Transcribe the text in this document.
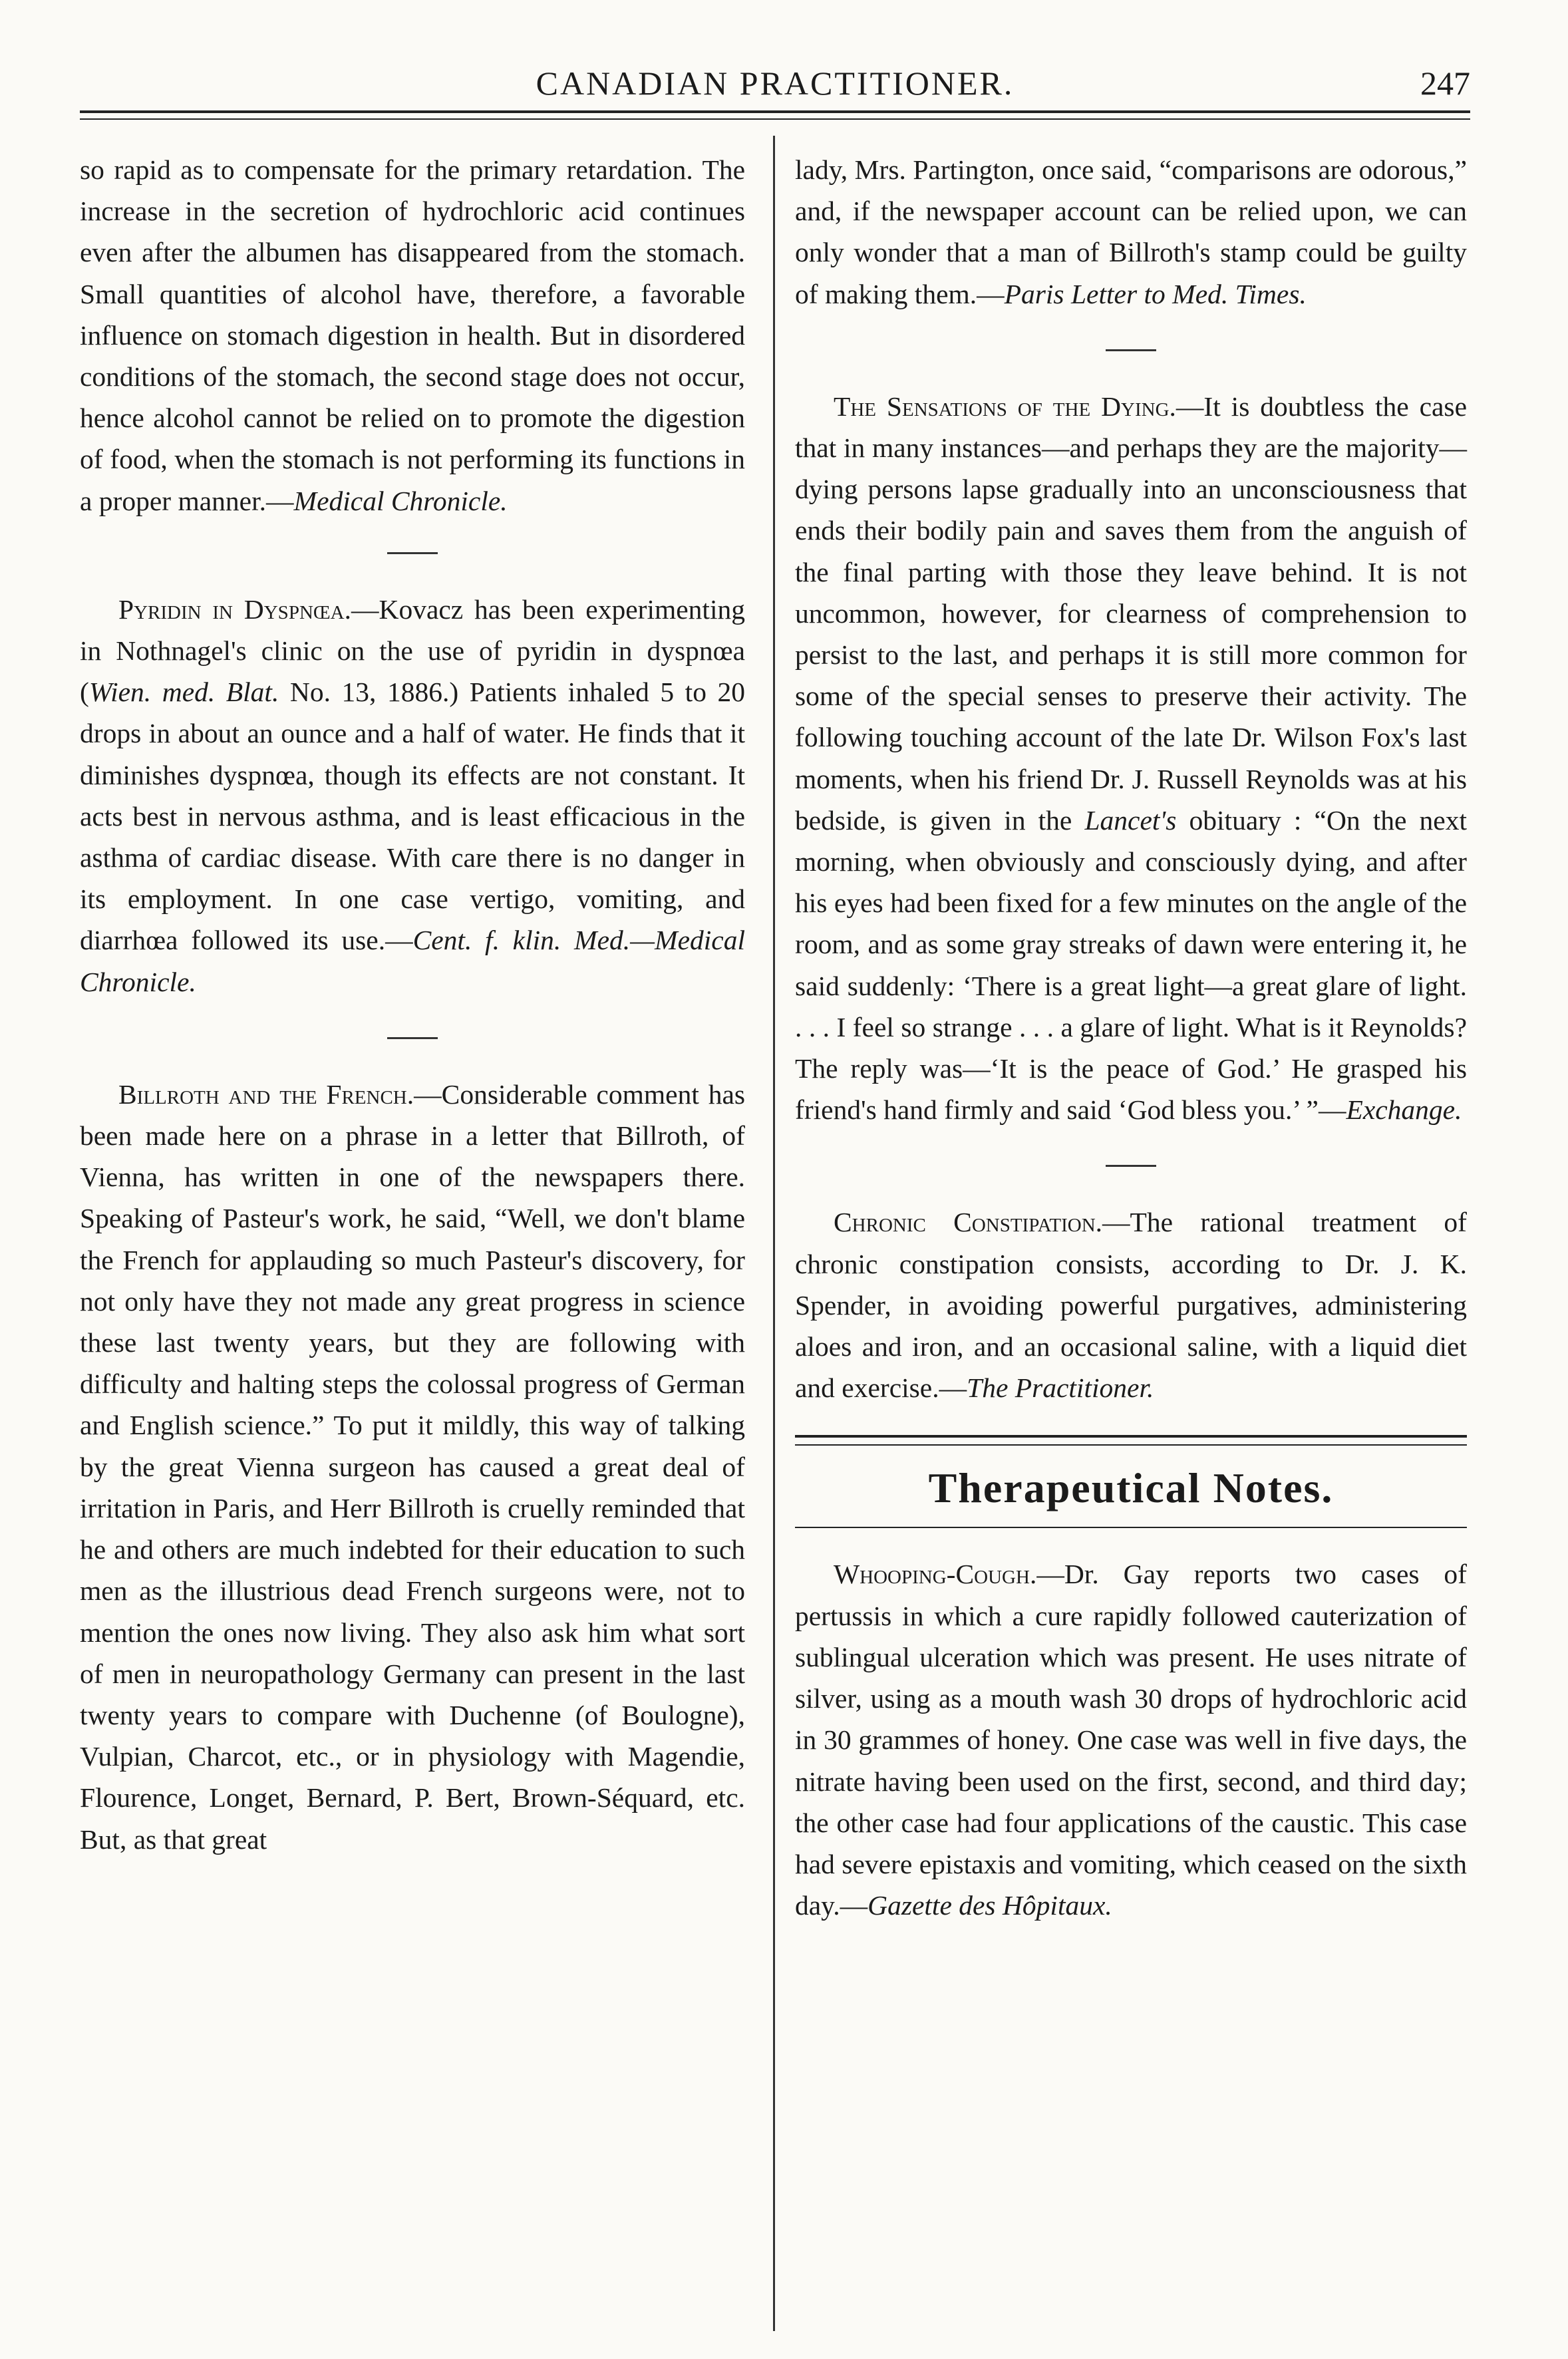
CANADIAN PRACTITIONER.	247

so rapid as to compensate for the primary retardation. The increase in the secretion of hydrochloric acid continues even after the albumen has disappeared from the stomach. Small quantities of alcohol have, therefore, a favorable influence on stomach digestion in health. But in disordered conditions of the stomach, the second stage does not occur, hence alcohol cannot be relied on to promote the digestion of food, when the stomach is not performing its functions in a proper manner.—Medical Chronicle.

Pyridin in Dyspnœa.—Kovacz has been experimenting in Nothnagel's clinic on the use of pyridin in dyspnœa (Wien. med. Blat. No. 13, 1886.) Patients inhaled 5 to 20 drops in about an ounce and a half of water. He finds that it diminishes dyspnœa, though its effects are not constant. It acts best in nervous asthma, and is least efficacious in the asthma of cardiac disease. With care there is no danger in its employment. In one case vertigo, vomiting, and diarrhœa followed its use.—Cent. f. klin. Med.—Medical Chronicle.

Billroth and the French.—Considerable comment has been made here on a phrase in a letter that Billroth, of Vienna, has written in one of the newspapers there. Speaking of Pasteur's work, he said, “Well, we don't blame the French for applauding so much Pasteur's discovery, for not only have they not made any great progress in science these last twenty years, but they are following with difficulty and halting steps the colossal progress of German and English science.” To put it mildly, this way of talking by the great Vienna surgeon has caused a great deal of irritation in Paris, and Herr Billroth is cruelly reminded that he and others are much indebted for their education to such men as the illustrious dead French surgeons were, not to mention the ones now living. They also ask him what sort of men in neuropathology Germany can present in the last twenty years to compare with Duchenne (of Boulogne), Vulpian, Charcot, etc., or in physiology with Magendie, Flourence, Longet, Bernard, P. Bert, Brown-Séquard, etc. But, as that great

lady, Mrs. Partington, once said, “comparisons are odorous,” and, if the newspaper account can be relied upon, we can only wonder that a man of Billroth's stamp could be guilty of making them.—Paris Letter to Med. Times.

The Sensations of the Dying.—It is doubtless the case that in many instances—and perhaps they are the majority—dying persons lapse gradually into an unconsciousness that ends their bodily pain and saves them from the anguish of the final parting with those they leave behind. It is not uncommon, however, for clearness of comprehension to persist to the last, and perhaps it is still more common for some of the special senses to preserve their activity. The following touching account of the late Dr. Wilson Fox's last moments, when his friend Dr. J. Russell Reynolds was at his bedside, is given in the Lancet's obituary : “On the next morning, when obviously and consciously dying, and after his eyes had been fixed for a few minutes on the angle of the room, and as some gray streaks of dawn were entering it, he said suddenly: ‘There is a great light—a great glare of light. . . . I feel so strange . . . a glare of light. What is it Reynolds? The reply was—‘It is the peace of God.’ He grasped his friend's hand firmly and said ‘God bless you.’ ”—Exchange.

Chronic Constipation.—The rational treatment of chronic constipation consists, according to Dr. J. K. Spender, in avoiding powerful purgatives, administering aloes and iron, and an occasional saline, with a liquid diet and exercise.—The Practitioner.

Therapeutical Notes.

Whooping-Cough.—Dr. Gay reports two cases of pertussis in which a cure rapidly followed cauterization of sublingual ulceration which was present. He uses nitrate of silver, using as a mouth wash 30 drops of hydrochloric acid in 30 grammes of honey. One case was well in five days, the nitrate having been used on the first, second, and third day; the other case had four applications of the caustic. This case had severe epistaxis and vomiting, which ceased on the sixth day.—Gazette des Hôpitaux.
